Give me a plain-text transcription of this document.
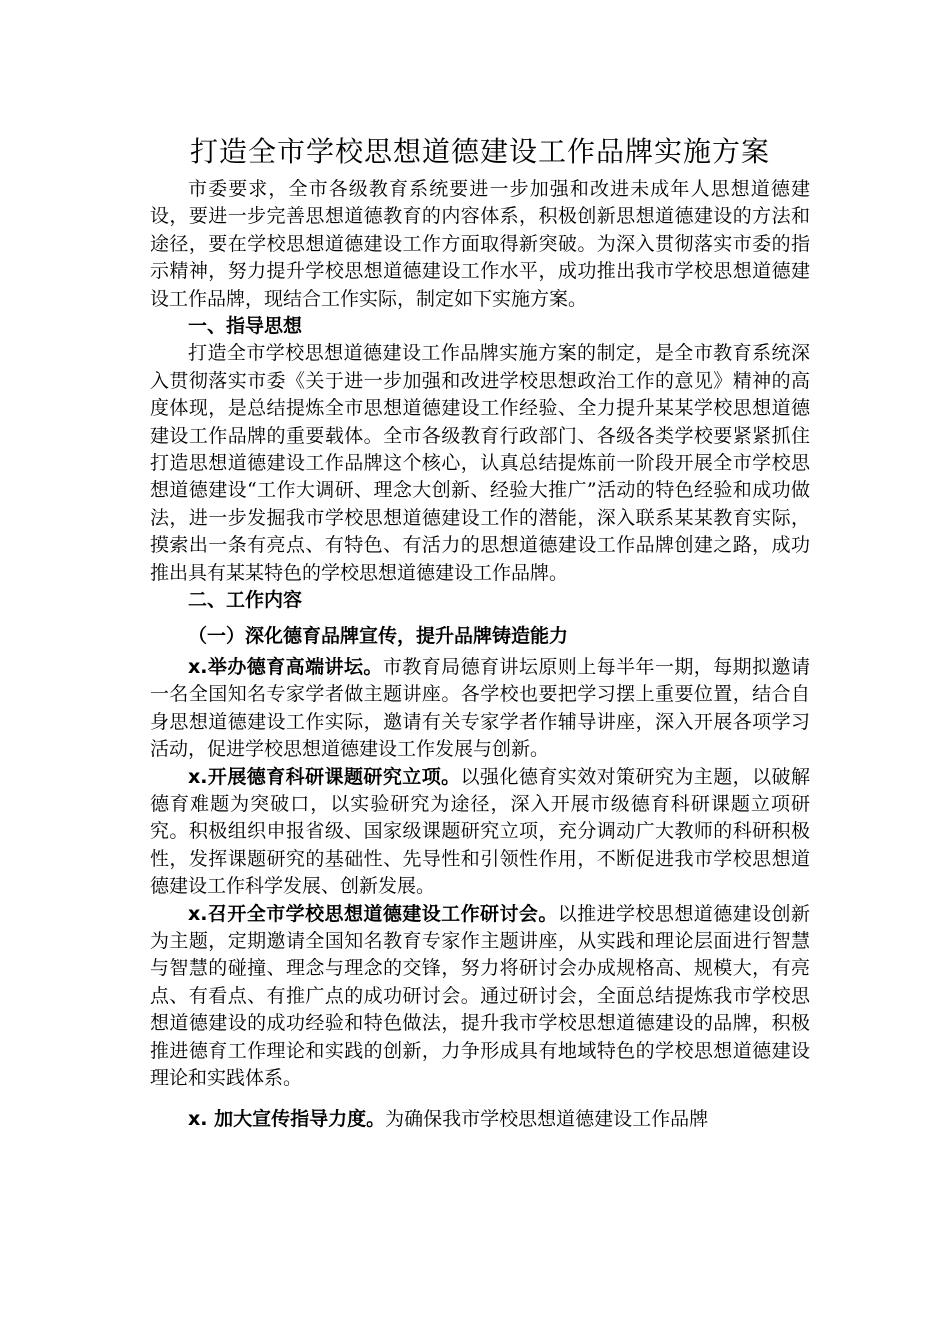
打造全市学校思想道德建设工作品牌实施方案

市委要求，全市各级教育系统要进一步加强和改进未成年人思想道德建设，要进一步完善思想道德教育的内容体系，积极创新思想道德建设的方法和途径，要在学校思想道德建设工作方面取得新突破。为深入贯彻落实市委的指示精神，努力提升学校思想道德建设工作水平，成功推出我市学校思想道德建设工作品牌，现结合工作实际，制定如下实施方案。

一、指导思想

打造全市学校思想道德建设工作品牌实施方案的制定，是全市教育系统深入贯彻落实市委《关于进一步加强和改进学校思想政治工作的意见》精神的高度体现，是总结提炼全市思想道德建设工作经验、全力提升某某学校思想道德建设工作品牌的重要载体。全市各级教育行政部门、各级各类学校要紧紧抓住打造思想道德建设工作品牌这个核心，认真总结提炼前一阶段开展全市学校思想道德建设“工作大调研、理念大创新、经验大推广”活动的特色经验和成功做法，进一步发掘我市学校思想道德建设工作的潜能，深入联系某某教育实际，摸索出一条有亮点、有特色、有活力的思想道德建设工作品牌创建之路，成功推出具有某某特色的学校思想道德建设工作品牌。

二、工作内容
（一）深化德育品牌宣传，提升品牌铸造能力

x.举办德育高端讲坛。市教育局德育讲坛原则上每半年一期，每期拟邀请一名全国知名专家学者做主题讲座。各学校也要把学习摆上重要位置，结合自身思想道德建设工作实际，邀请有关专家学者作辅导讲座，深入开展各项学习活动，促进学校思想道德建设工作发展与创新。

x.开展德育科研课题研究立项。以强化德育实效对策研究为主题，以破解德育难题为突破口，以实验研究为途径，深入开展市级德育科研课题立项研究。积极组织申报省级、国家级课题研究立项，充分调动广大教师的科研积极性，发挥课题研究的基础性、先导性和引领性作用，不断促进我市学校思想道德建设工作科学发展、创新发展。

x.召开全市学校思想道德建设工作研讨会。以推进学校思想道德建设创新为主题，定期邀请全国知名教育专家作主题讲座，从实践和理论层面进行智慧与智慧的碰撞、理念与理念的交锋，努力将研讨会办成规格高、规模大，有亮点、有看点、有推广点的成功研讨会。通过研讨会，全面总结提炼我市学校思想道德建设的成功经验和特色做法，提升我市学校思想道德建设的品牌，积极推进德育工作理论和实践的创新，力争形成具有地域特色的学校思想道德建设理论和实践体系。

x. 加大宣传指导力度。为确保我市学校思想道德建设工作品牌
